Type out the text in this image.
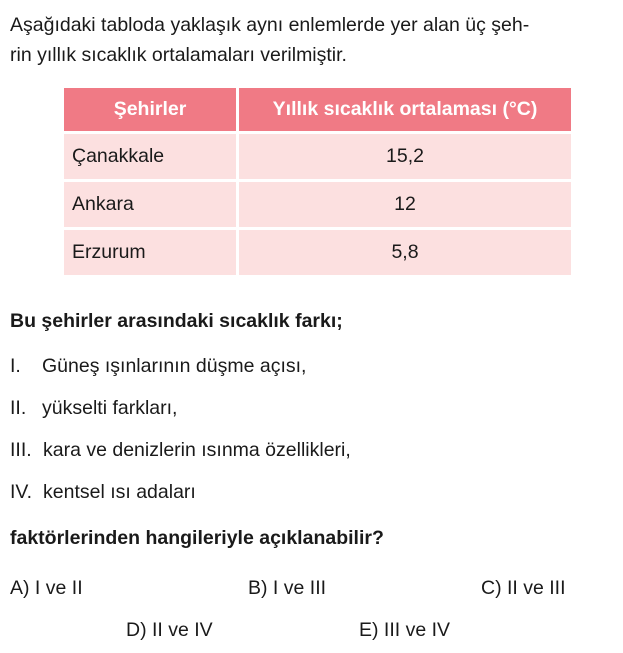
Aşağıdaki tabloda yaklaşık aynı enlemlerde yer alan üç şeh-
rin yıllık sıcaklık ortalamaları verilmiştir.

Şehirler	Yıllık sıcaklık ortalaması (°C)
Çanakkale	15,2
Ankara	12
Erzurum	5,8

Bu şehirler arasındaki sıcaklık farkı;

I. Güneş ışınlarının düşme açısı,
II. yükselti farkları,
III. kara ve denizlerin ısınma özellikleri,
IV. kentsel ısı adaları

faktörlerinden hangileriyle açıklanabilir?

A) I ve II	B) I ve III	C) II ve III
D) II ve IV	E) III ve IV
